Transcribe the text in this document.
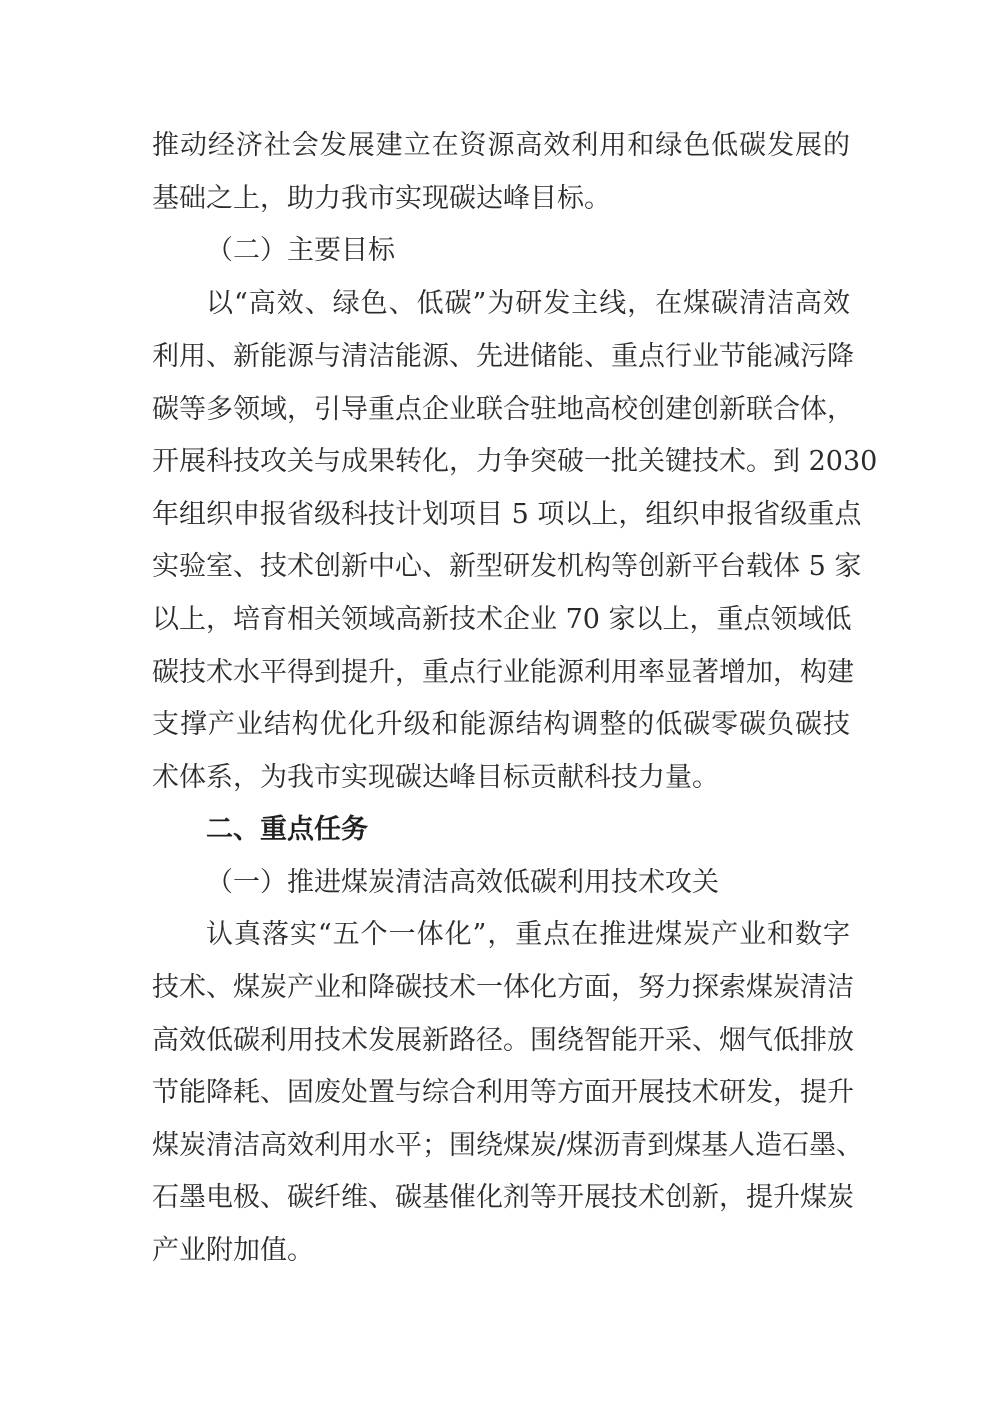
推动经济社会发展建立在资源高效利用和绿色低碳发展的

基础之上，助力我市实现碳达峰目标。

（二）主要目标

以“高效、绿色、低碳”为研发主线，在煤碳清洁高效

利用、新能源与清洁能源、先进储能、重点行业节能减污降

碳等多领域，引导重点企业联合驻地高校创建创新联合体，

开展科技攻关与成果转化，力争突破一批关键技术。到 2030

年组织申报省级科技计划项目 5 项以上，组织申报省级重点

实验室、技术创新中心、新型研发机构等创新平台载体 5 家

以上，培育相关领域高新技术企业 70 家以上，重点领域低

碳技术水平得到提升，重点行业能源利用率显著增加，构建

支撑产业结构优化升级和能源结构调整的低碳零碳负碳技

术体系，为我市实现碳达峰目标贡献科技力量。

二、重点任务

（一）推进煤炭清洁高效低碳利用技术攻关

认真落实“五个一体化”，重点在推进煤炭产业和数字

技术、煤炭产业和降碳技术一体化方面，努力探索煤炭清洁

高效低碳利用技术发展新路径。围绕智能开采、烟气低排放

节能降耗、固废处置与综合利用等方面开展技术研发，提升

煤炭清洁高效利用水平；围绕煤炭/煤沥青到煤基人造石墨、

石墨电极、碳纤维、碳基催化剂等开展技术创新，提升煤炭

产业附加值。
